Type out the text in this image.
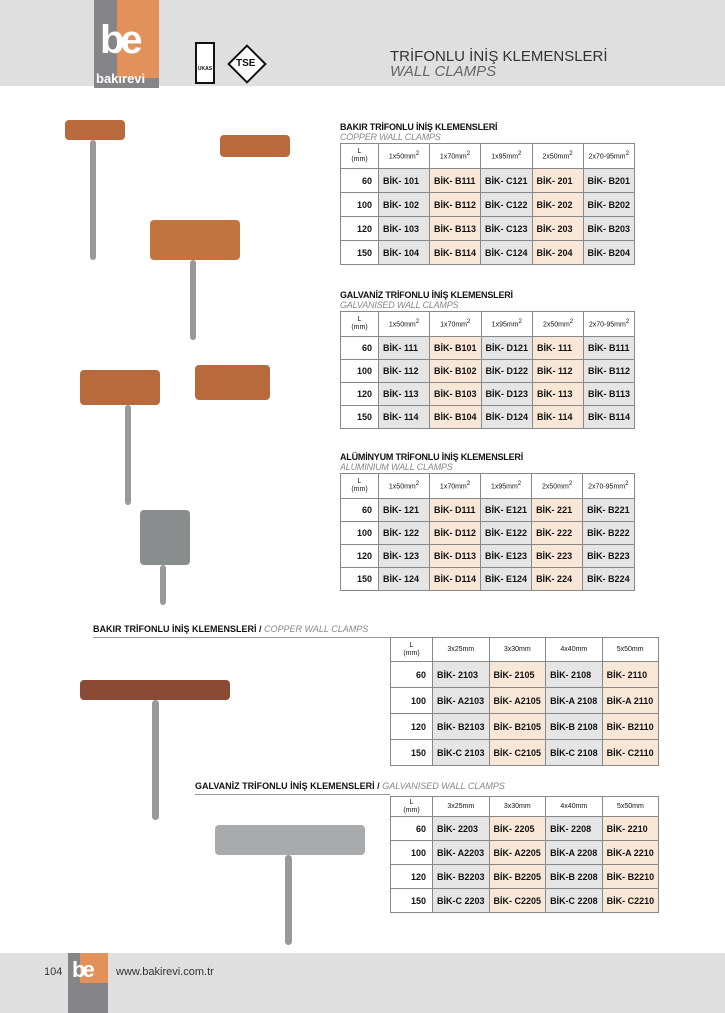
be
bakırevi
UKAS TSE	TRİFONLU İNİŞ KLEMENSLERİ
WALL CLAMPS
BAKIR TRİFONLU İNİŞ KLEMENSLERİ
COPPER WALL CLAMPS
L
(mm)	$1x50mm^2$	$1x70mm^2$	$1x95mm^2$	$2x50mm^2$	$2x70-95mm^2$
60	BİK- 101	BİK- B111	BİK- C121	BİK- 201	BİK- B201
100	BİK- 102	BİK- B112	BİK- C122	BİK- 202	BİK- B202
120	BİK- 103	BİK- B113	BİK- C123	BİK- 203	BİK- B203
150	BİK- 104	BİK- B114	BİK- C124	BİK- 204	BİK- B204
GALVANİZ TRİFONLU İNİŞ KLEMENSLERİ
GALVANISED WALL CLAMPS
L
(mm)	$1x50mm^2$	$1x70mm^2$	$1x95mm^2$	$2x50mm^2$	$2x70-95mm^2$
60	BİK- 111	BİK- B101	BİK- D121	BİK- 111	BİK- B111
100	BİK- 112	BİK- B102	BİK- D122	BİK- 112	BİK- B112
120	BİK- 113	BİK- B103	BİK- D123	BİK- 113	BİK- B113
150	BİK- 114	BİK- B104	BİK- D124	BİK- 114	BİK- B114
ALÜMİNYUM TRİFONLU İNİŞ KLEMENSLERİ
ALUMINIUM WALL CLAMPS
L
(mm)	$1x50mm^2$	$1x70mm^2$	$1x95mm^2$	$2x50mm^2$	$2x70-95mm^2$
60	BİK- 121	BİK- D111	BİK- E121	BİK- 221	BİK- B221
100	BİK- 122	BİK- D112	BİK- E122	BİK- 222	BİK- B222
120	BİK- 123	BİK- D113	BİK- E123	BİK- 223	BİK- B223
150	BİK- 124	BİK- D114	BİK- E124	BİK- 224	BİK- B224
BAKIR TRİFONLU İNİŞ KLEMENSLERİ / COPPER WALL CLAMPS
L
(mm)	3x25mm	3x30mm	4x40mm	5x50mm
60	BİK- 2103	BİK- 2105	BİK- 2108	BİK- 2110
100	BİK- A2103	BİK- A2105	BİK-A 2108	BİK-A 2110
120	BİK- B2103	BİK- B2105	BİK-B 2108	BİK- B2110
150	BİK-C 2103	BİK- C2105	BİK-C 2108	BİK- C2110
GALVANİZ TRİFONLU İNİŞ KLEMENSLERİ / GALVANISED WALL CLAMPS
L
(mm)	3x25mm	3x30mm	4x40mm	5x50mm
60	BİK- 2203	BİK- 2205	BİK- 2208	BİK- 2210
100	BİK- A2203	BİK- A2205	BİK-A 2208	BİK-A 2210
120	BİK- B2203	BİK- B2205	BİK-B 2208	BİK- B2210
150	BİK-C 2203	BİK- C2205	BİK-C 2208	BİK- C2210
be
104	www.bakirevi.com.tr
